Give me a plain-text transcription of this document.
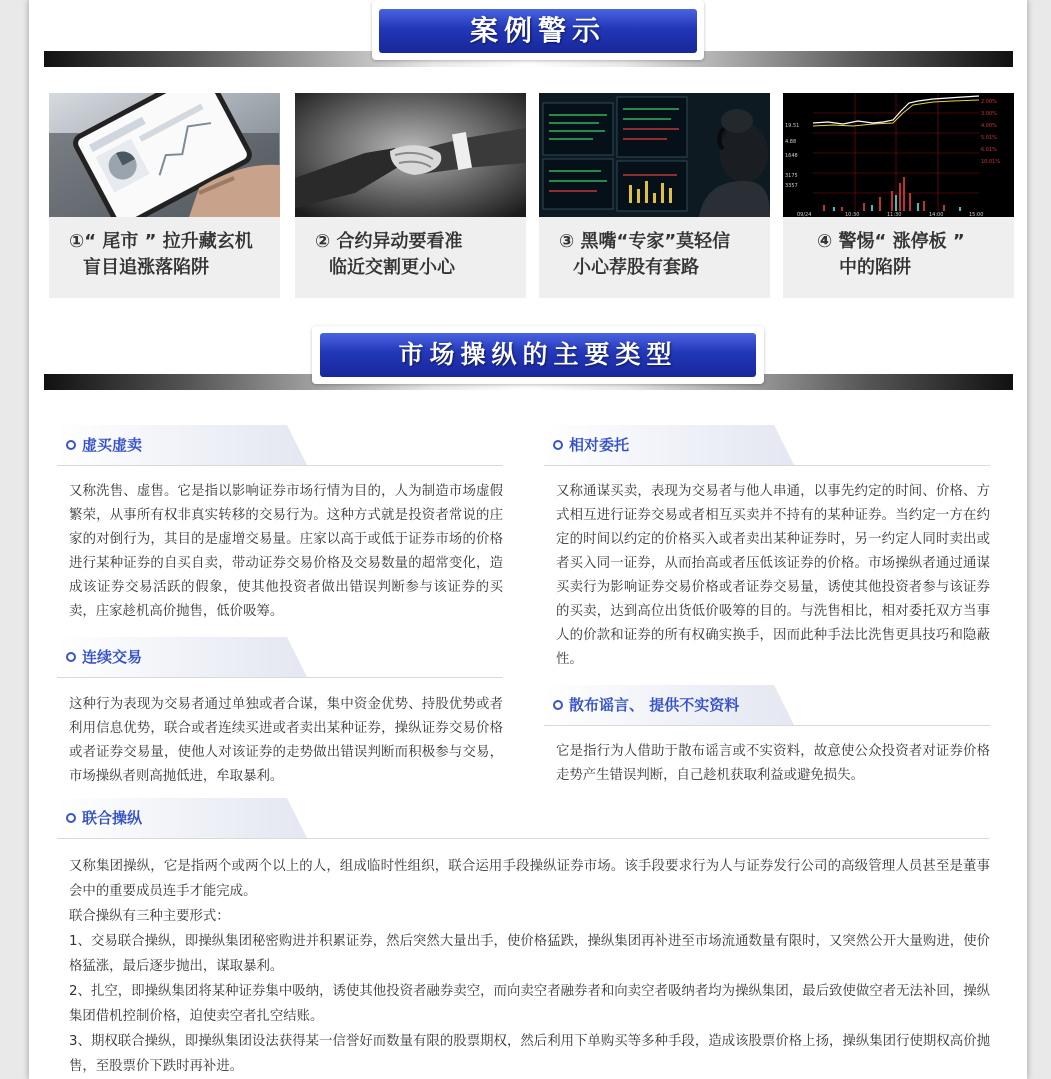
案例警示
①“ 尾市 ” 拉升藏玄机
盲目追涨落陷阱
② 合约异动要看准
临近交割更小心
③ 黑嘴“专家”莫轻信
小心荐股有套路
2.00%
3.00%
4.00%
5.01%
6.01%
10.01%
19.51
1648
3175
3357
4.88
09/24	10:30	11:30	14:00	15:00
④ 警惕“ 涨停板 ”
中的陷阱
市场操纵的主要类型
虚买虚卖

又称洗售、虚售。它是指以影响证券市场行情为目的，人为制造市场虚假繁荣，从事所有权非真实转移的交易行为。这种方式就是投资者常说的庄家的对倒行为，其目的是虚增交易量。庄家以高于或低于证券市场的价格进行某种证券的自买自卖，带动证券交易价格及交易数量的超常变化，造成该证券交易活跃的假象，使其他投资者做出错误判断参与该证券的买卖，庄家趁机高价抛售，低价吸筹。

连续交易

这种行为表现为交易者通过单独或者合谋，集中资金优势、持股优势或者利用信息优势，联合或者连续买进或者卖出某种证券，操纵证券交易价格或者证券交易量，使他人对该证券的走势做出错误判断而积极参与交易，市场操纵者则高抛低进，牟取暴利。

相对委托

又称通谋买卖，表现为交易者与他人串通，以事先约定的时间、价格、方式相互进行证券交易或者相互买卖并不持有的某种证券。当约定一方在约定的时间以约定的价格买入或者卖出某种证券时，另一约定人同时卖出或者买入同一证券，从而抬高或者压低该证券的价格。市场操纵者通过通谋买卖行为影响证券交易价格或者证券交易量，诱使其他投资者参与该证券的买卖，达到高位出货低价吸筹的目的。与洗售相比，相对委托双方当事人的价款和证券的所有权确实换手，因而此种手法比洗售更具技巧和隐蔽性。

散布谣言、 提供不实资料

它是指行为人借助于散布谣言或不实资料，故意使公众投资者对证券价格走势产生错误判断，自己趁机获取利益或避免损失。

联合操纵

又称集团操纵，它是指两个或两个以上的人，组成临时性组织，联合运用手段操纵证券市场。该手段要求行为人与证券发行公司的高级管理人员甚至是董事会中的重要成员连手才能完成。

联合操纵有三种主要形式：

1、交易联合操纵，即操纵集团秘密购进并积累证券，然后突然大量出手，使价格猛跌，操纵集团再补进至市场流通数量有限时，又突然公开大量购进，使价格猛涨，最后逐步抛出，谋取暴利。

2、扎空，即操纵集团将某种证券集中吸纳，诱使其他投资者融券卖空，而向卖空者融券者和向卖空者吸纳者均为操纵集团，最后致使做空者无法补回，操纵集团借机控制价格，迫使卖空者扎空结账。

3、期权联合操纵，即操纵集团设法获得某一信誉好而数量有限的股票期权，然后利用下单购买等多种手段，造成该股票价格上扬，操纵集团行使期权高价抛售，至股票价下跌时再补进。
